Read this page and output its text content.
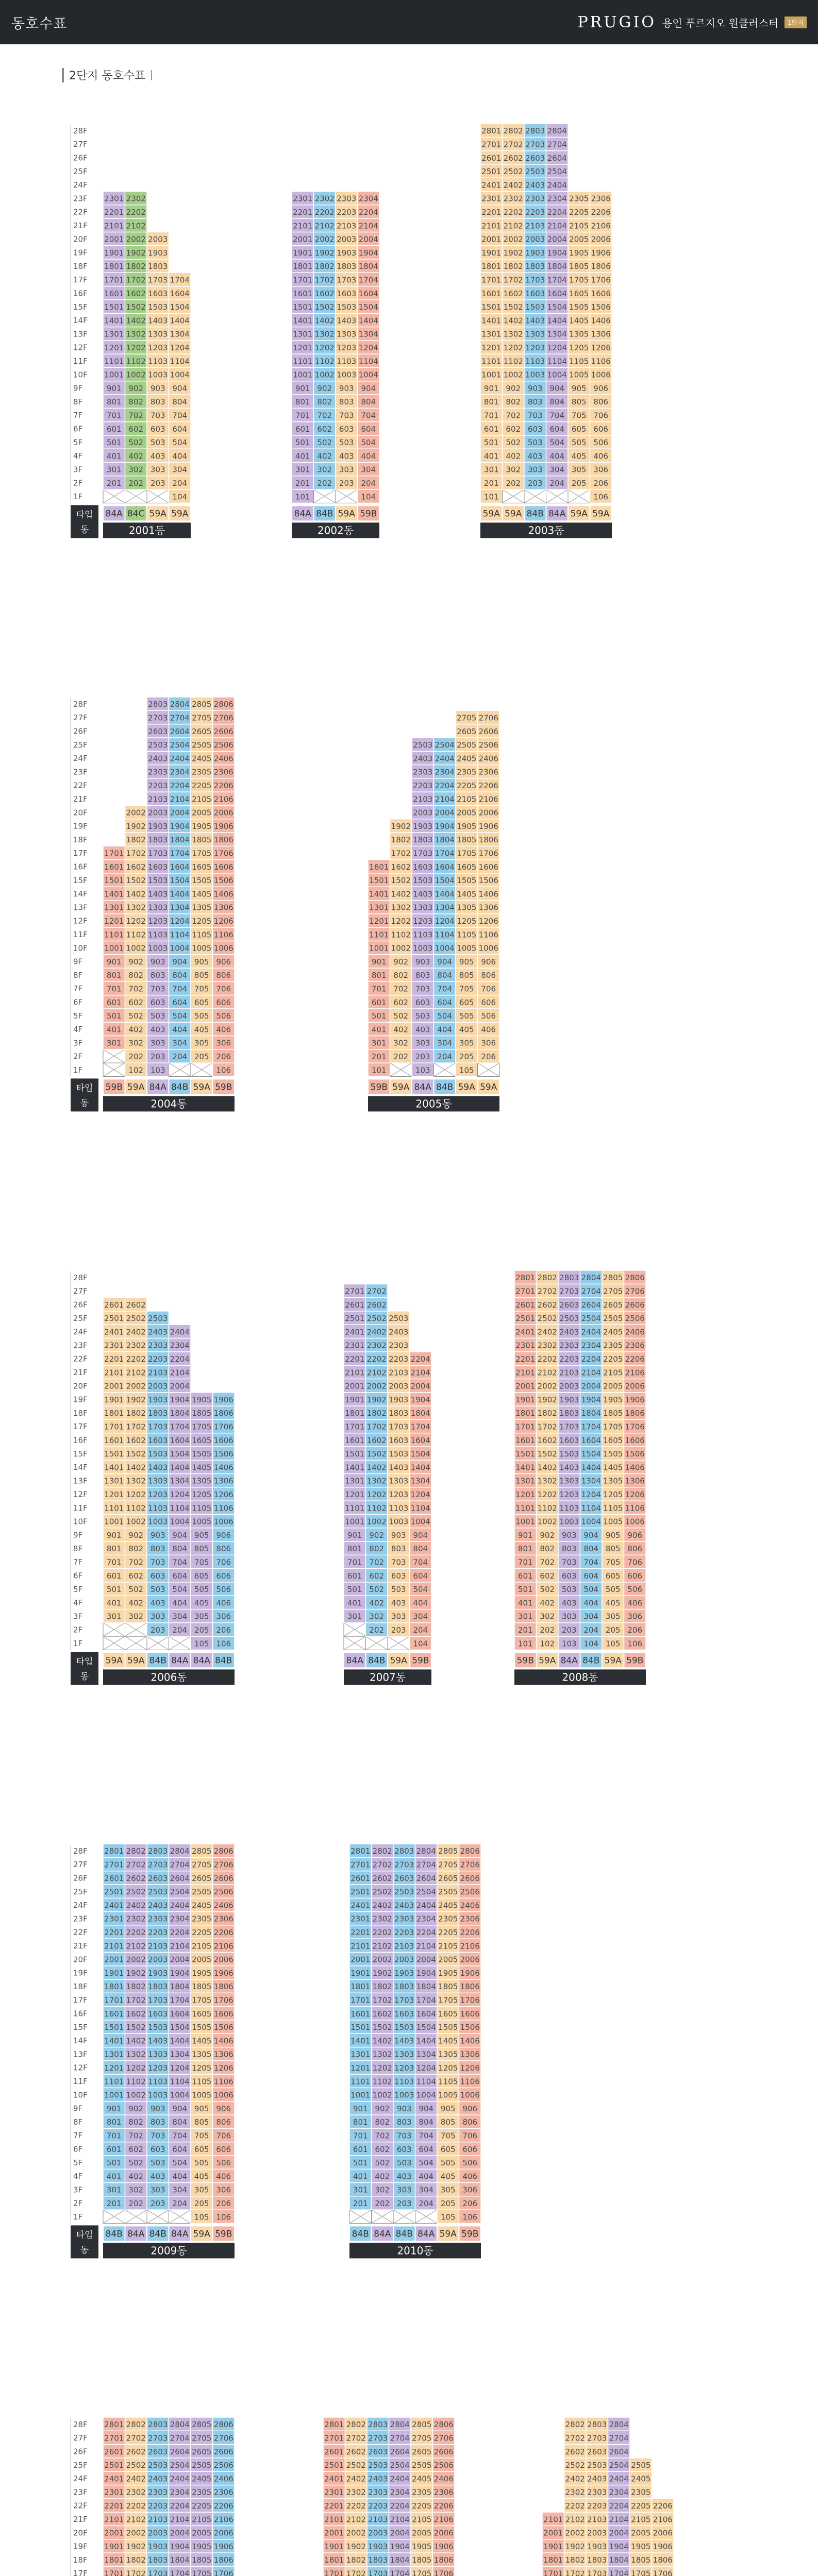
동호수표	PRUGIO 용인 푸르지오 원클러스터	1단지
2단지 동호수표
28F
27F
26F
25F
24F
23F
22F
21F
20F
19F
18F
17F
16F
15F
14F
13F
12F
11F
10F
9F
8F
7F
6F
5F
4F
3F
2F
1F
타입
동
201
301
401
501
601
701
801
901
1001
1101
1201
1301
1401
1501
1601
1701
1801
1901
2001
2101
2201
2301
84A
202
302
402
502
602
702
802
902
1002
1102
1202
1302
1402
1502
1602
1702
1802
1902
2002
2102
2202
2302
84C
203
303
403
503
603
703
803
903
1003
1103
1203
1303
1403
1503
1603
1703
1803
1903
2003
59A
104
204
304
404
504
604
704
804
904
1004
1104
1204
1304
1404
1504
1604
1704
59A
2001동
101
201
301
401
501
601
701
801
901
1001
1101
1201
1301
1401
1501
1601
1701
1801
1901
2001
2101
2201
2301
84A
202
302
402
502
602
702
802
902
1002
1102
1202
1302
1402
1502
1602
1702
1802
1902
2002
2102
2202
2302
84B
203
303
403
503
603
703
803
903
1003
1103
1203
1303
1403
1503
1603
1703
1803
1903
2003
2103
2203
2303
59A
104
204
304
404
504
604
704
804
904
1004
1104
1204
1304
1404
1504
1604
1704
1804
1904
2004
2104
2204
2304
59B
2002동
101
201
301
401
501
601
701
801
901
1001
1101
1201
1301
1401
1501
1601
1701
1801
1901
2001
2101
2201
2301
2401
2501
2601
2701
2801
59A
202
302
402
502
602
702
802
902
1002
1102
1202
1302
1402
1502
1602
1702
1802
1902
2002
2102
2202
2302
2402
2502
2602
2702
2802
59A
203
303
403
503
603
703
803
903
1003
1103
1203
1303
1403
1503
1603
1703
1803
1903
2003
2103
2203
2303
2403
2503
2603
2703
2803
84B
204
304
404
504
604
704
804
904
1004
1104
1204
1304
1404
1504
1604
1704
1804
1904
2004
2104
2204
2304
2404
2504
2604
2704
2804
84A
205
305
405
505
605
705
805
905
1005
1105
1205
1305
1405
1505
1605
1705
1805
1905
2005
2105
2205
2305
59A
106
206
306
406
506
606
706
806
906
1006
1106
1206
1306
1406
1506
1606
1706
1806
1906
2006
2106
2206
2306
59A
2003동
28F
27F
26F
25F
24F
23F
22F
21F
20F
19F
18F
17F
16F
15F
14F
13F
12F
11F
10F
9F
8F
7F
6F
5F
4F
3F
2F
1F
타입
동
301
401
501
601
701
801
901
1001
1101
1201
1301
1401
1501
1601
1701
59B
102
202
302
402
502
602
702
802
902
1002
1102
1202
1302
1402
1502
1602
1702
1802
1902
2002
59A
103
203
303
403
503
603
703
803
903
1003
1103
1203
1303
1403
1503
1603
1703
1803
1903
2003
2103
2203
2303
2403
2503
2603
2703
2803
84A
204
304
404
504
604
704
804
904
1004
1104
1204
1304
1404
1504
1604
1704
1804
1904
2004
2104
2204
2304
2404
2504
2604
2704
2804
84B
205
305
405
505
605
705
805
905
1005
1105
1205
1305
1405
1505
1605
1705
1805
1905
2005
2105
2205
2305
2405
2505
2605
2705
2805
59A
106
206
306
406
506
606
706
806
906
1006
1106
1206
1306
1406
1506
1606
1706
1806
1906
2006
2106
2206
2306
2406
2506
2606
2706
2806
59B
2004동
101
201
301
401
501
601
701
801
901
1001
1101
1201
1301
1401
1501
1601
59B
202
302
402
502
602
702
802
902
1002
1102
1202
1302
1402
1502
1602
1702
1802
1902
59A
103
203
303
403
503
603
703
803
903
1003
1103
1203
1303
1403
1503
1603
1703
1803
1903
2003
2103
2203
2303
2403
2503
84A
204
304
404
504
604
704
804
904
1004
1104
1204
1304
1404
1504
1604
1704
1804
1904
2004
2104
2204
2304
2404
2504
84B
105
205
305
405
505
605
705
805
905
1005
1105
1205
1305
1405
1505
1605
1705
1805
1905
2005
2105
2205
2305
2405
2505
2605
2705
59A
206
306
406
506
606
706
806
906
1006
1106
1206
1306
1406
1506
1606
1706
1806
1906
2006
2106
2206
2306
2406
2506
2606
2706
59A
2005동
28F
27F
26F
25F
24F
23F
22F
21F
20F
19F
18F
17F
16F
15F
14F
13F
12F
11F
10F
9F
8F
7F
6F
5F
4F
3F
2F
1F
타입
동
301
401
501
601
701
801
901
1001
1101
1201
1301
1401
1501
1601
1701
1801
1901
2001
2101
2201
2301
2401
2501
2601
59A
302
402
502
602
702
802
902
1002
1102
1202
1302
1402
1502
1602
1702
1802
1902
2002
2102
2202
2302
2402
2502
2602
59A
203
303
403
503
603
703
803
903
1003
1103
1203
1303
1403
1503
1603
1703
1803
1903
2003
2103
2203
2303
2403
2503
84B
204
304
404
504
604
704
804
904
1004
1104
1204
1304
1404
1504
1604
1704
1804
1904
2004
2104
2204
2304
2404
84A
105
205
305
405
505
605
705
805
905
1005
1105
1205
1305
1405
1505
1605
1705
1805
1905
84A
106
206
306
406
506
606
706
806
906
1006
1106
1206
1306
1406
1506
1606
1706
1806
1906
84B
2006동
301
401
501
601
701
801
901
1001
1101
1201
1301
1401
1501
1601
1701
1801
1901
2001
2101
2201
2301
2401
2501
2601
2701
84A
202
302
402
502
602
702
802
902
1002
1102
1202
1302
1402
1502
1602
1702
1802
1902
2002
2102
2202
2302
2402
2502
2602
2702
84B
203
303
403
503
603
703
803
903
1003
1103
1203
1303
1403
1503
1603
1703
1803
1903
2003
2103
2203
2303
2403
2503
59A
104
204
304
404
504
604
704
804
904
1004
1104
1204
1304
1404
1504
1604
1704
1804
1904
2004
2104
2204
59B
2007동
101
201
301
401
501
601
701
801
901
1001
1101
1201
1301
1401
1501
1601
1701
1801
1901
2001
2101
2201
2301
2401
2501
2601
2701
2801
59B
102
202
302
402
502
602
702
802
902
1002
1102
1202
1302
1402
1502
1602
1702
1802
1902
2002
2102
2202
2302
2402
2502
2602
2702
2802
59A
103
203
303
403
503
603
703
803
903
1003
1103
1203
1303
1403
1503
1603
1703
1803
1903
2003
2103
2203
2303
2403
2503
2603
2703
2803
84A
104
204
304
404
504
604
704
804
904
1004
1104
1204
1304
1404
1504
1604
1704
1804
1904
2004
2104
2204
2304
2404
2504
2604
2704
2804
84B
105
205
305
405
505
605
705
805
905
1005
1105
1205
1305
1405
1505
1605
1705
1805
1905
2005
2105
2205
2305
2405
2505
2605
2705
2805
59A
106
206
306
406
506
606
706
806
906
1006
1106
1206
1306
1406
1506
1606
1706
1806
1906
2006
2106
2206
2306
2406
2506
2606
2706
2806
59B
2008동
28F
27F
26F
25F
24F
23F
22F
21F
20F
19F
18F
17F
16F
15F
14F
13F
12F
11F
10F
9F
8F
7F
6F
5F
4F
3F
2F
1F
타입
동
201
301
401
501
601
701
801
901
1001
1101
1201
1301
1401
1501
1601
1701
1801
1901
2001
2101
2201
2301
2401
2501
2601
2701
2801
84B
202
302
402
502
602
702
802
902
1002
1102
1202
1302
1402
1502
1602
1702
1802
1902
2002
2102
2202
2302
2402
2502
2602
2702
2802
84A
203
303
403
503
603
703
803
903
1003
1103
1203
1303
1403
1503
1603
1703
1803
1903
2003
2103
2203
2303
2403
2503
2603
2703
2803
84B
204
304
404
504
604
704
804
904
1004
1104
1204
1304
1404
1504
1604
1704
1804
1904
2004
2104
2204
2304
2404
2504
2604
2704
2804
84A
105
205
305
405
505
605
705
805
905
1005
1105
1205
1305
1405
1505
1605
1705
1805
1905
2005
2105
2205
2305
2405
2505
2605
2705
2805
59A
106
206
306
406
506
606
706
806
906
1006
1106
1206
1306
1406
1506
1606
1706
1806
1906
2006
2106
2206
2306
2406
2506
2606
2706
2806
59B
2009동
201
301
401
501
601
701
801
901
1001
1101
1201
1301
1401
1501
1601
1701
1801
1901
2001
2101
2201
2301
2401
2501
2601
2701
2801
84B
202
302
402
502
602
702
802
902
1002
1102
1202
1302
1402
1502
1602
1702
1802
1902
2002
2102
2202
2302
2402
2502
2602
2702
2802
84A
203
303
403
503
603
703
803
903
1003
1103
1203
1303
1403
1503
1603
1703
1803
1903
2003
2103
2203
2303
2403
2503
2603
2703
2803
84B
204
304
404
504
604
704
804
904
1004
1104
1204
1304
1404
1504
1604
1704
1804
1904
2004
2104
2204
2304
2404
2504
2604
2704
2804
84A
105
205
305
405
505
605
705
805
905
1005
1105
1205
1305
1405
1505
1605
1705
1805
1905
2005
2105
2205
2305
2405
2505
2605
2705
2805
59A
106
206
306
406
506
606
706
806
906
1006
1106
1206
1306
1406
1506
1606
1706
1806
1906
2006
2106
2206
2306
2406
2506
2606
2706
2806
59B
2010동
28F
27F
26F
25F
24F
23F
22F
21F
20F
19F
18F
17F 1701
1801
1901
2001
2101
2201
2301
2401
2501
2601
2701
2801
1702
1802
1902
2002
2102
2202
2302
2402
2502
2602
2702
2802
1703
1803
1903
2003
2103
2203
2303
2403
2503
2603
2703
2803
1704
1804
1904
2004
2104
2204
2304
2404
2504
2604
2704
2804
1705
1805
1905
2005
2105
2205
2305
2405
2505
2605
2705
2805
1706
1806
1906
2006
2106
2206
2306
2406
2506
2606
2706
2806
1701
1801
1901
2001
2101
2201
2301
2401
2501
2601
2701
2801
1702
1802
1902
2002
2102
2202
2302
2402
2502
2602
2702
2802
1703
1803
1903
2003
2103
2203
2303
2403
2503
2603
2703
2803
1704
1804
1904
2004
2104
2204
2304
2404
2504
2604
2704
2804
1705
1805
1905
2005
2105
2205
2305
2405
2505
2605
2705
2805
1706
1806
1906
2006
2106
2206
2306
2406
2506
2606
2706
2806
1701
1801
1901
2001
2101
1702
1802
1902
2002
2102
2202
2302
2402
2502
2602
2702
2802
1703
1803
1903
2003
2103
2203
2303
2403
2503
2603
2703
2803
1704
1804
1904
2004
2104
2204
2304
2404
2504
2604
2704
2804
1705
1805
1905
2005
2105
2205
2305
2405
2505
1706
1806
1906
2006
2106
2206
